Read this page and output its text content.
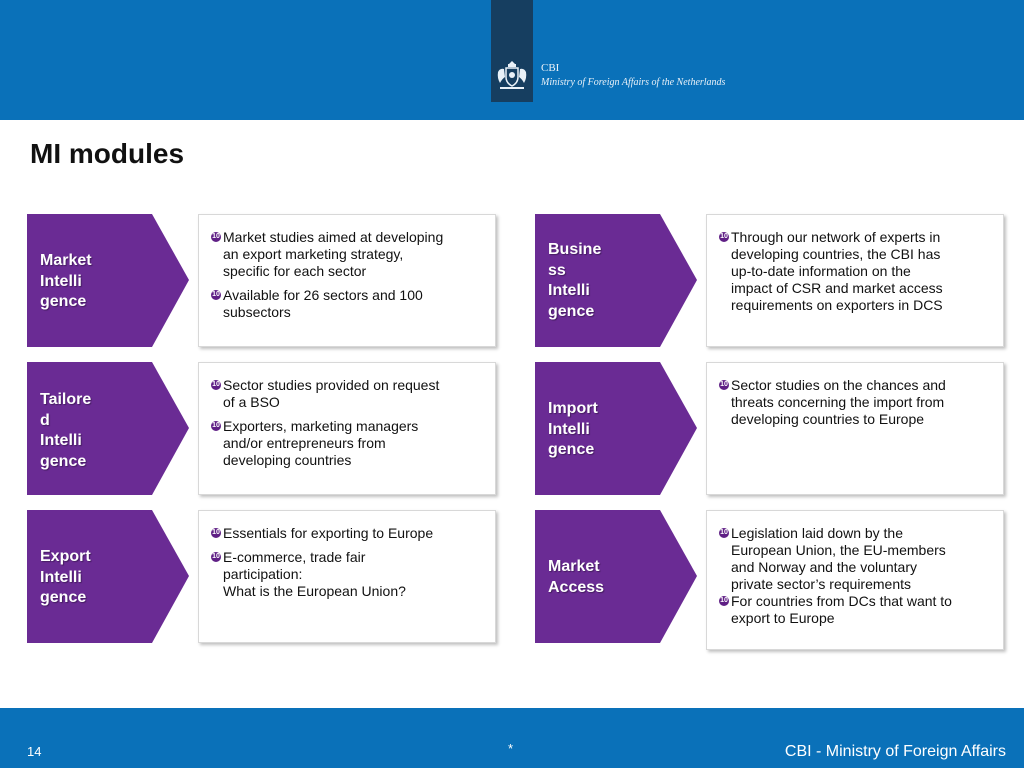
CBI
Ministry of Foreign Affairs of the Netherlands
MI modules
Market
Intelli
gence
10 Market studies aimed at developing
an export marketing strategy,
specific for each sector
10 Available for 26 sectors and 100
subsectors
Busine
ss
Intelli
gence
10 Through our network of experts in
developing countries, the CBI has
up-to-date information on the
impact of CSR and market access
requirements on exporters in DCS
Tailore
d
Intelli
gence
10 Sector studies provided on request
of a BSO
10 Exporters, marketing managers
and/or entrepreneurs from
developing countries
Import
Intelli
gence
10 Sector studies on the chances and
threats concerning the import from
developing countries to Europe
Export
Intelli
gence
10 Essentials for exporting to Europe
10 E-commerce, trade fair
participation:
What is the European Union?
Market
Access
10 Legislation laid down by the
European Union, the EU-members
and Norway and the voluntary
private sector’s requirements
10 For countries from DCs that want to
export to Europe
14	*	CBI - Ministry of Foreign Affairs
